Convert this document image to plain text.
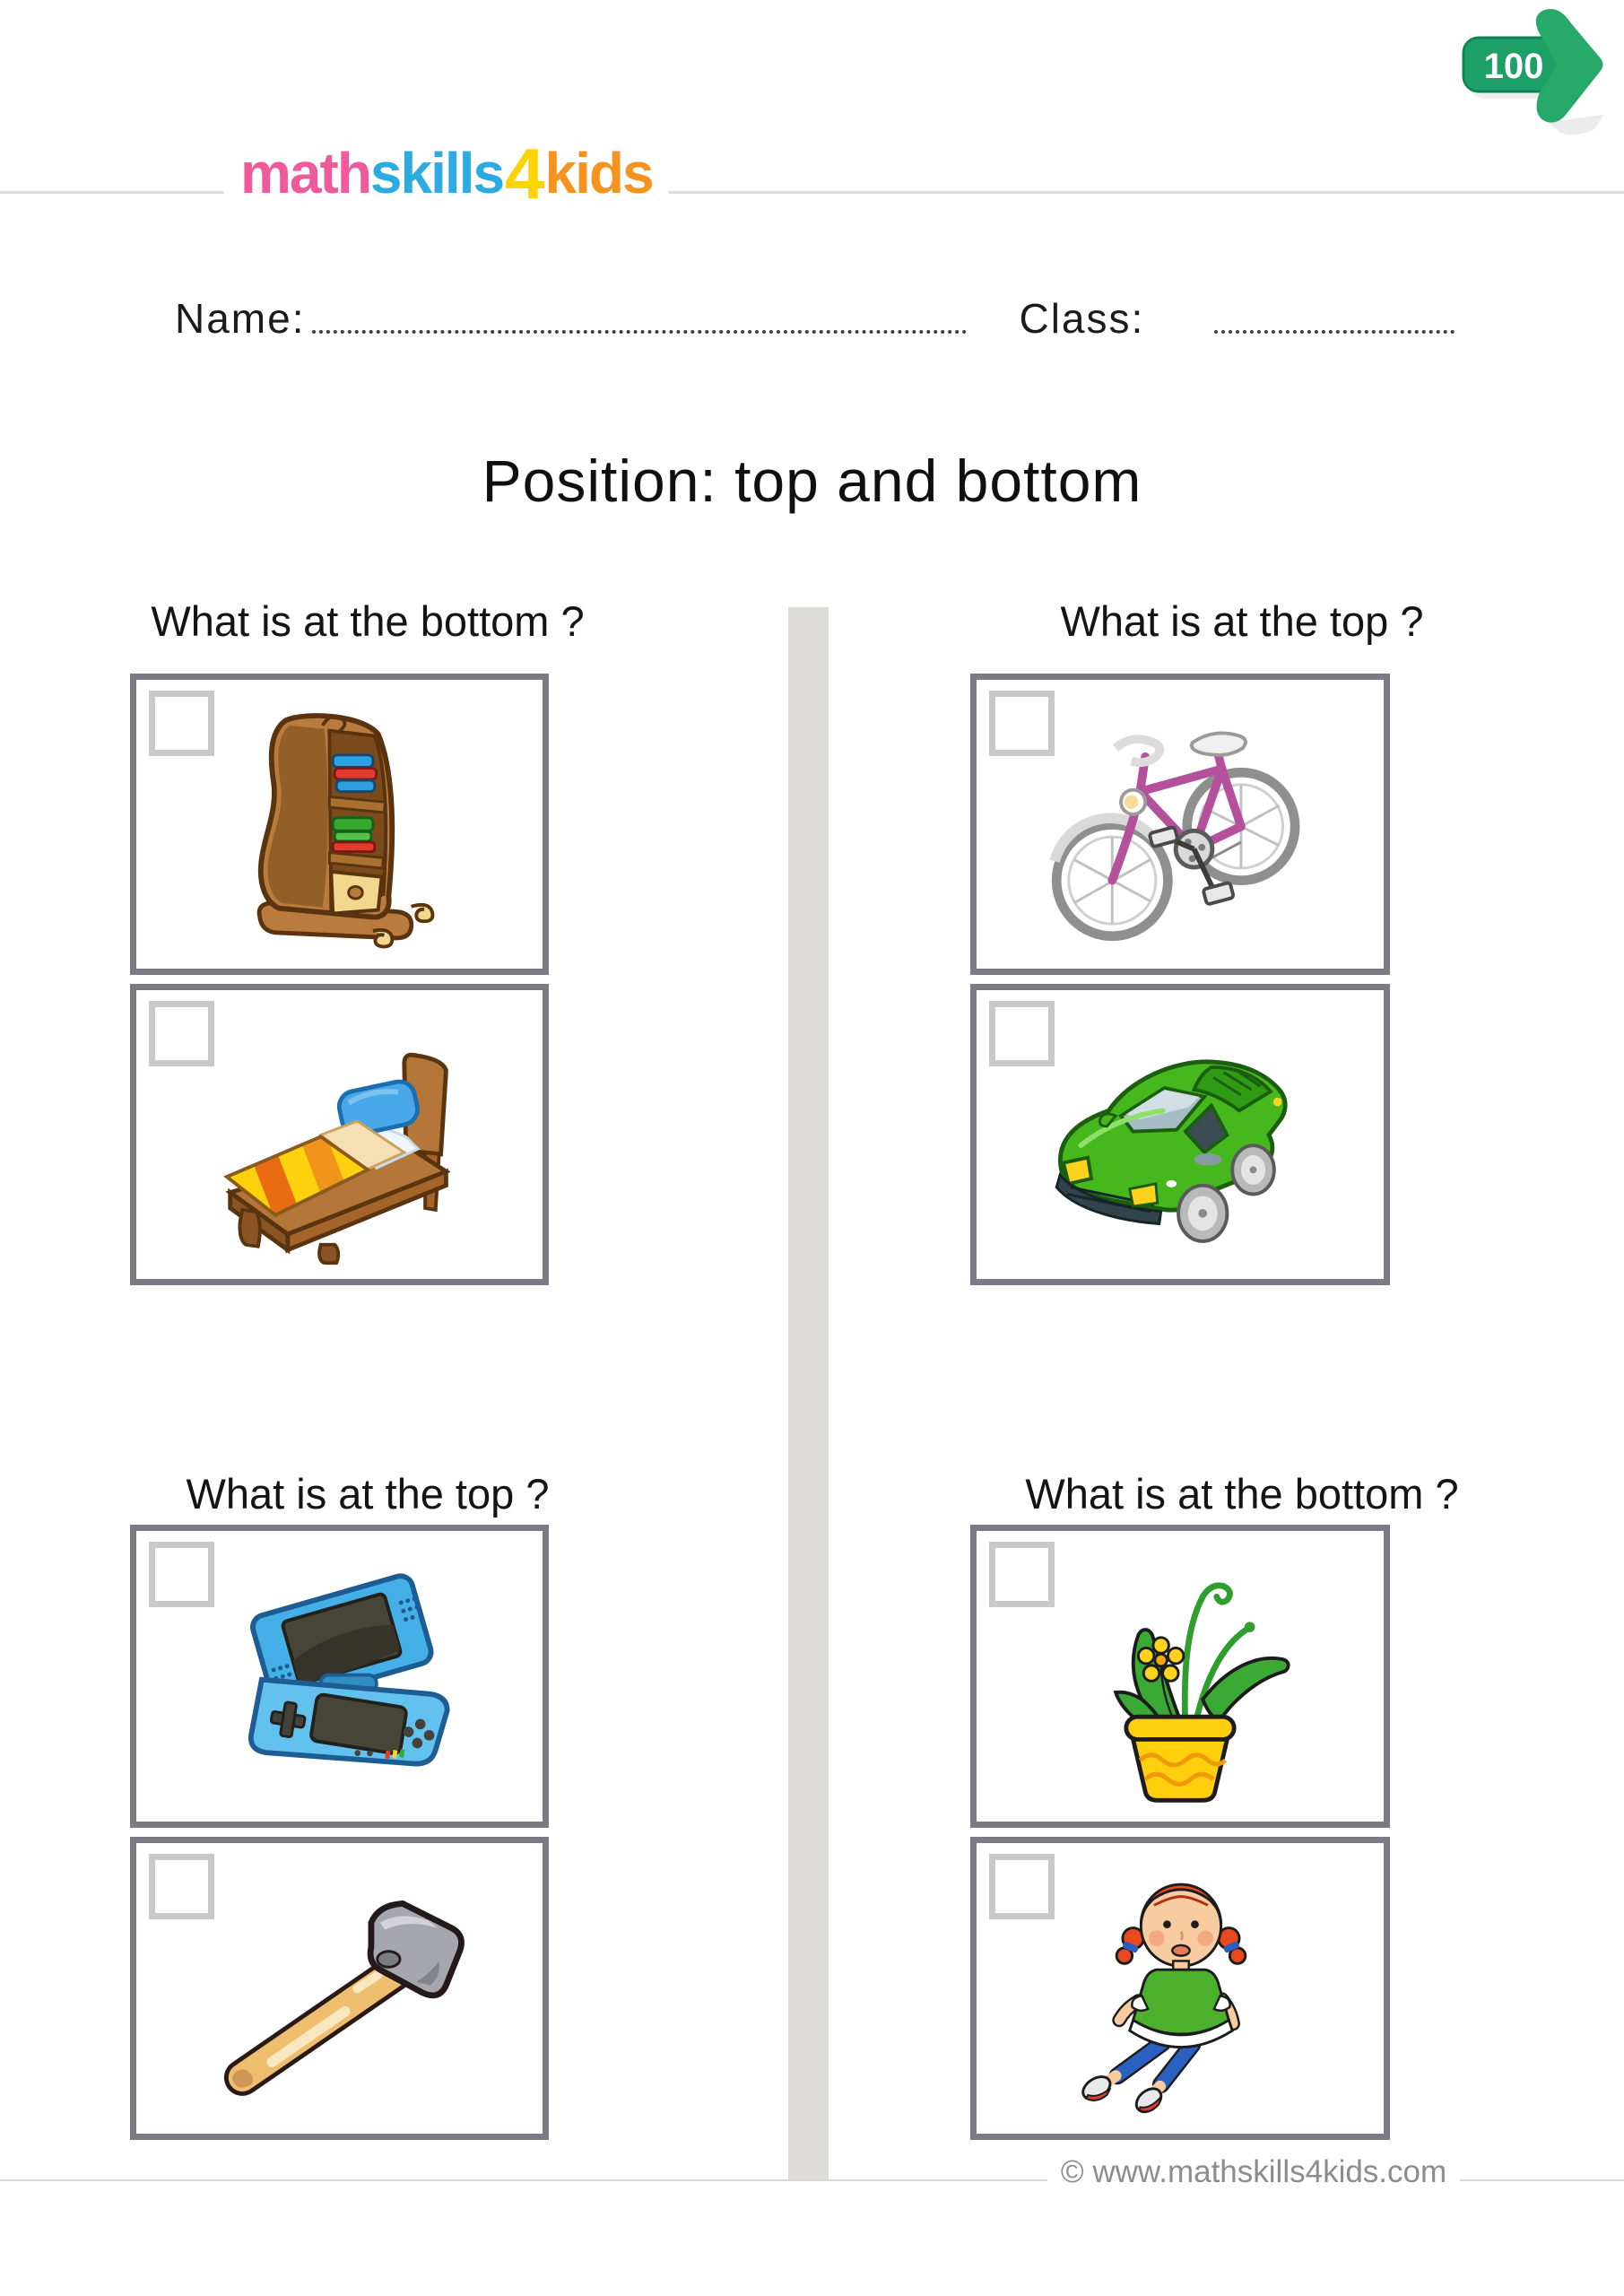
mathskills4kids
100
Name:	Class:
Position: top and bottom
What is at the bottom ?	What is at the top ?
What is at the top ?	What is at the bottom ?
© www.mathskills4kids.com
